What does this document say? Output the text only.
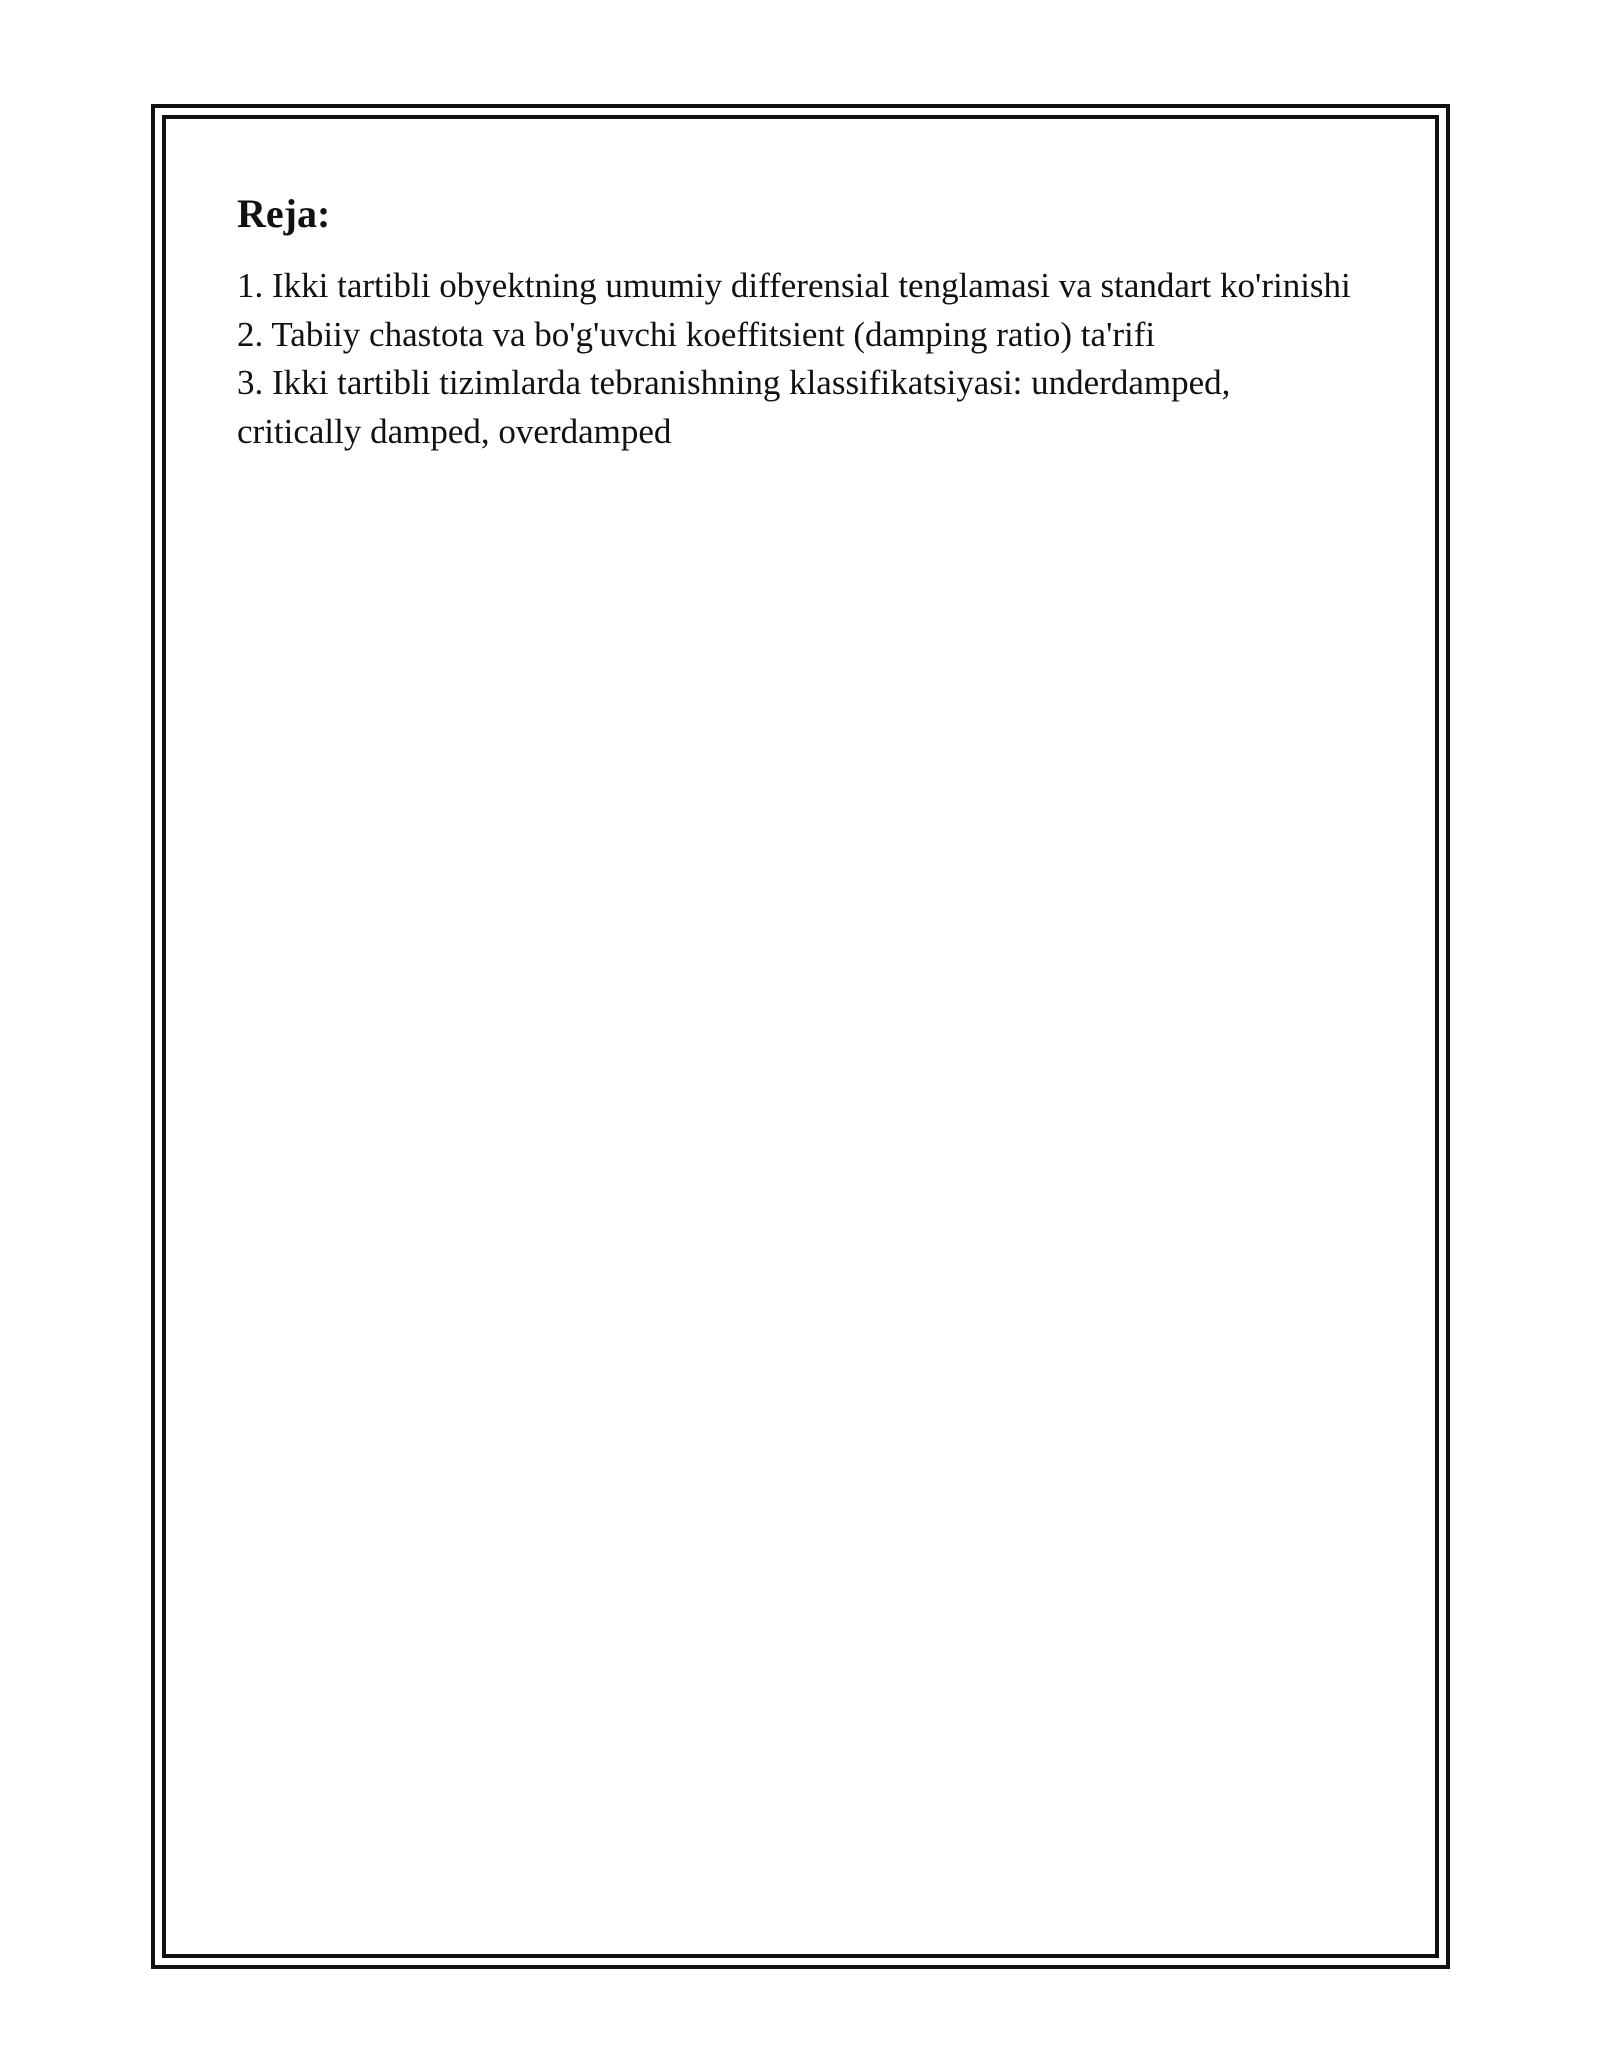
Reja:
1. Ikki tartibli obyektning umumiy differensial tenglamasi va standart ko'rinishi
2. Tabiiy chastota va bo'g'uvchi koeffitsient (damping ratio) ta'rifi
3. Ikki tartibli tizimlarda tebranishning klassifikatsiyasi: underdamped, critically damped, overdamped
